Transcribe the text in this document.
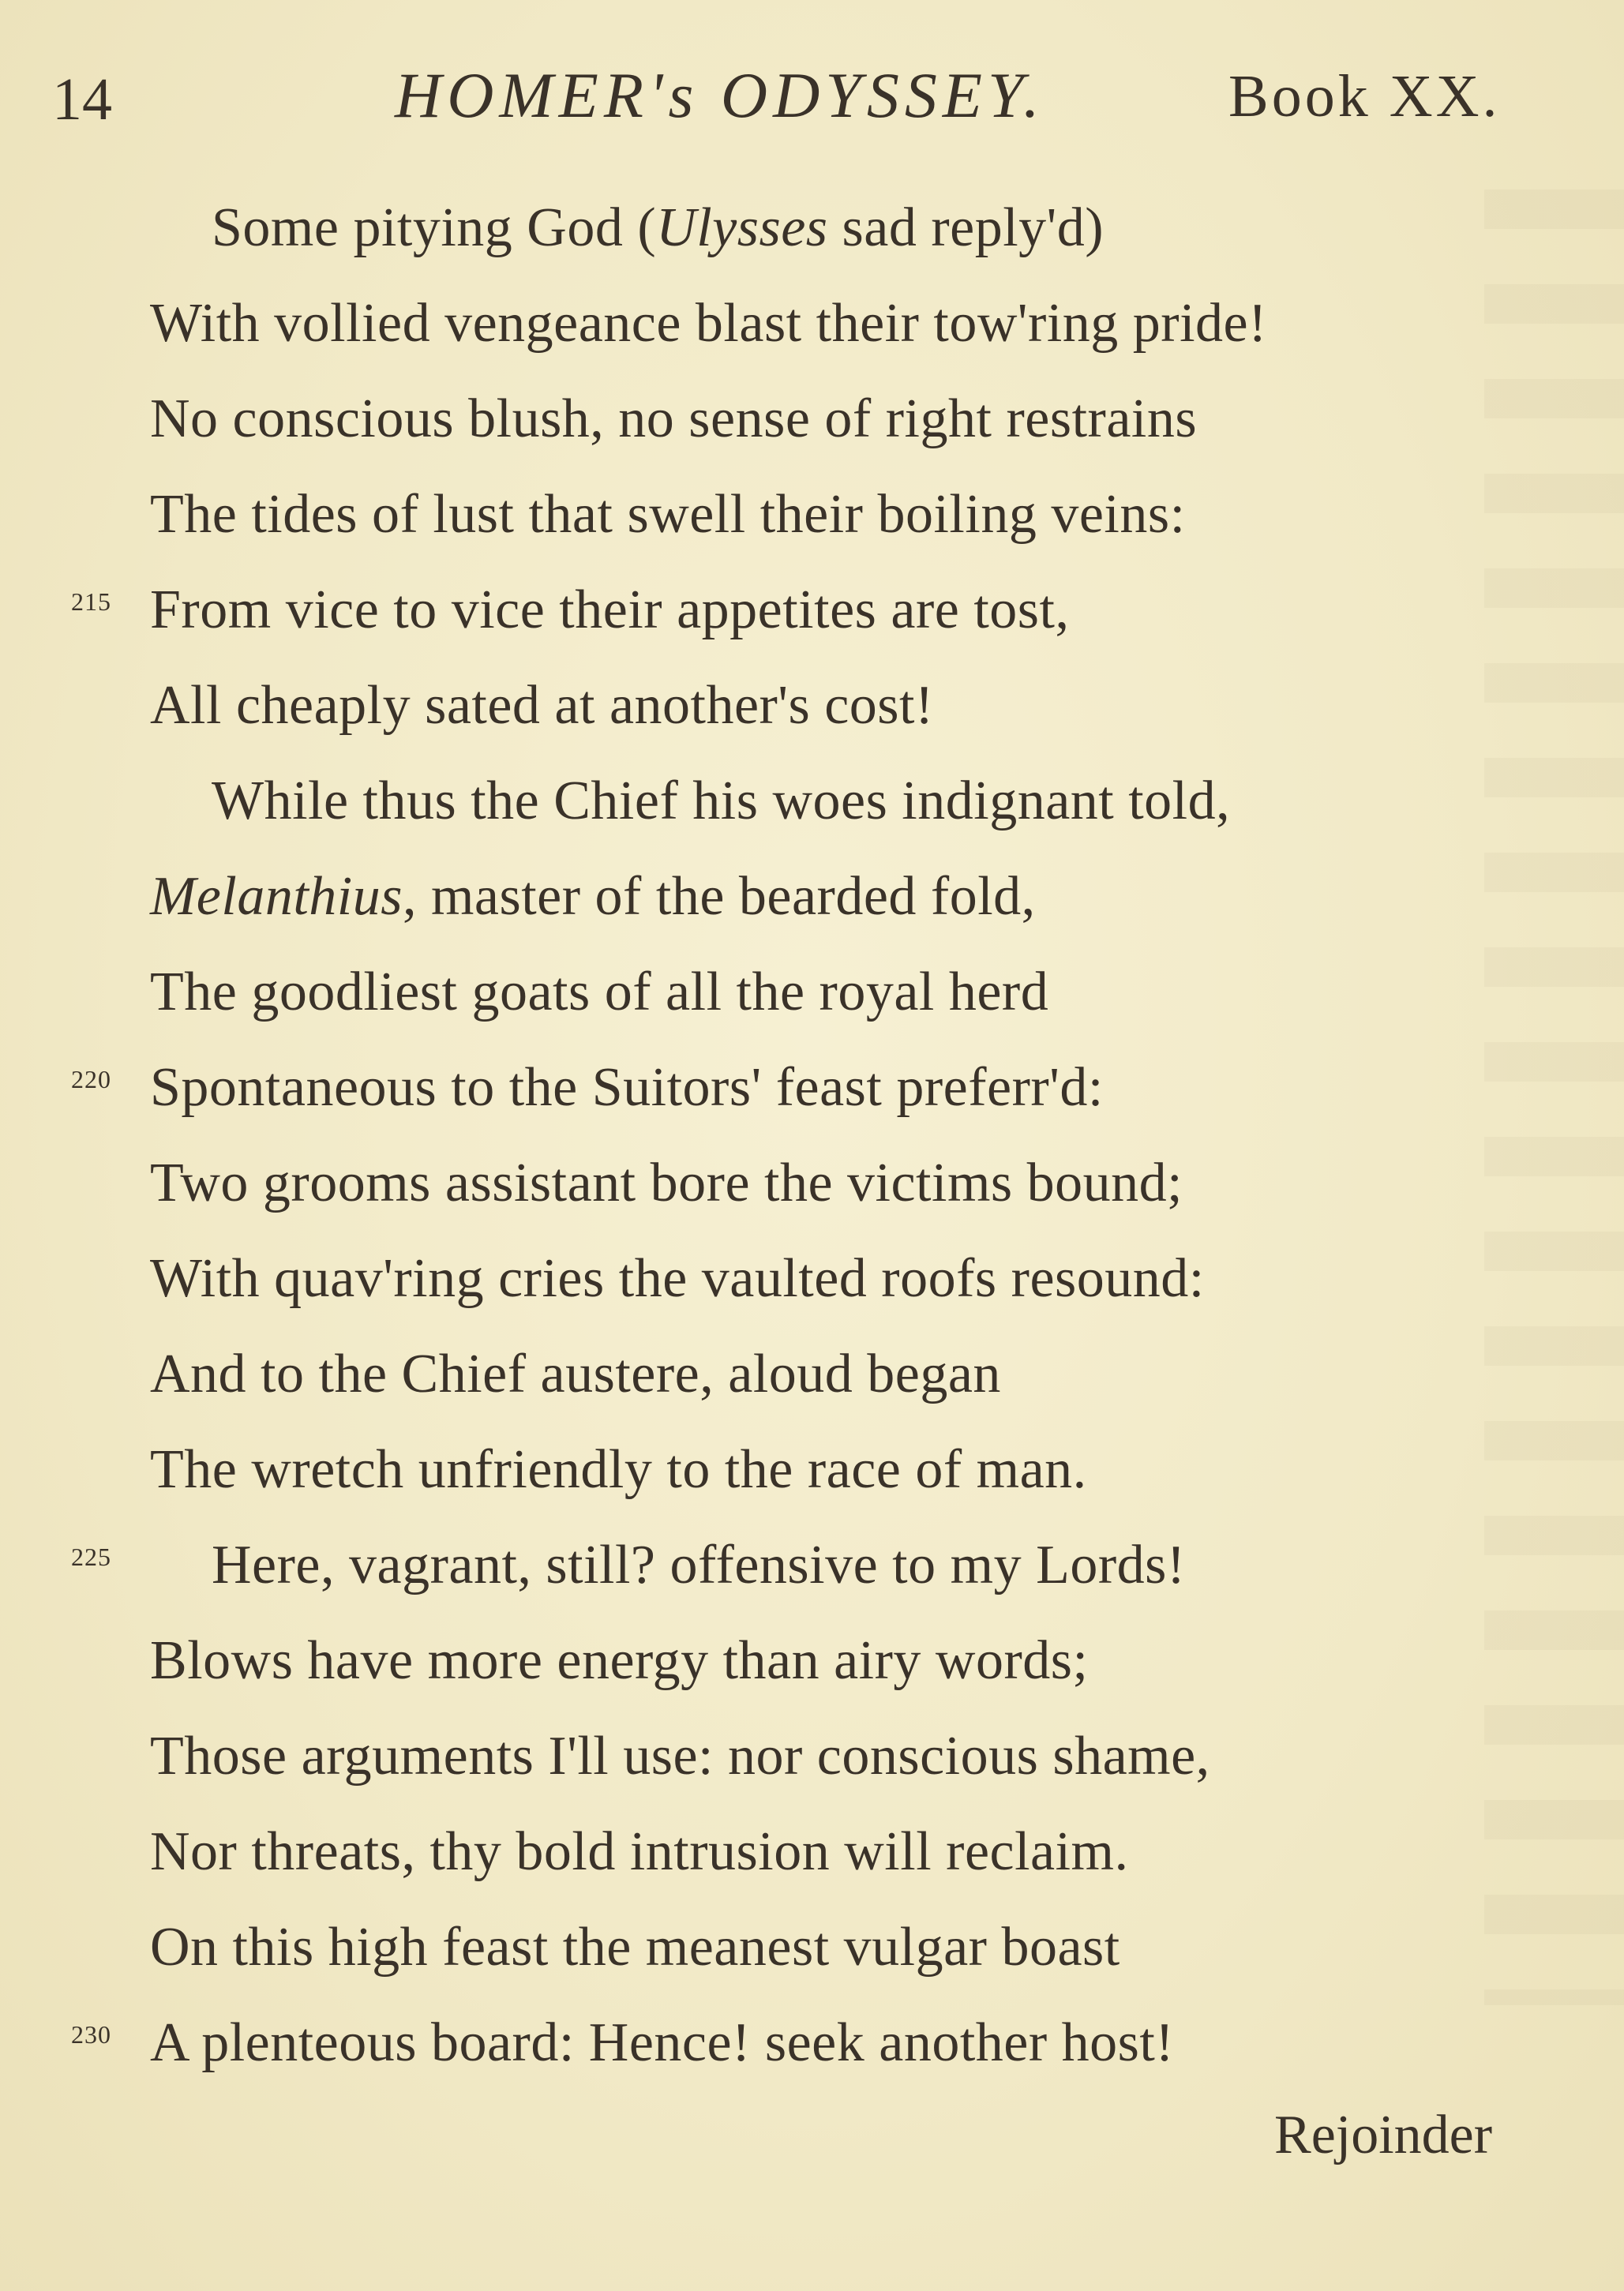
14	HOMER's ODYSSEY.	Book XX.
Some pitying God (Ulysses sad reply'd)
With vollied vengeance blast their tow'ring pride!
No conscious blush, no sense of right restrains
The tides of lust that swell their boiling veins:
215 From vice to vice their appetites are tost,
All cheaply sated at another's cost!
While thus the Chief his woes indignant told,
Melanthius, master of the bearded fold,
The goodliest goats of all the royal herd
220 Spontaneous to the Suitors' feast preferr'd:
Two grooms assistant bore the victims bound;
With quav'ring cries the vaulted roofs resound:
And to the Chief austere, aloud began
The wretch unfriendly to the race of man.
225 Here, vagrant, still? offensive to my Lords!
Blows have more energy than airy words;
Those arguments I'll use: nor conscious shame,
Nor threats, thy bold intrusion will reclaim.
On this high feast the meanest vulgar boast
230 A plenteous board: Hence! seek another host!
Rejoinder
